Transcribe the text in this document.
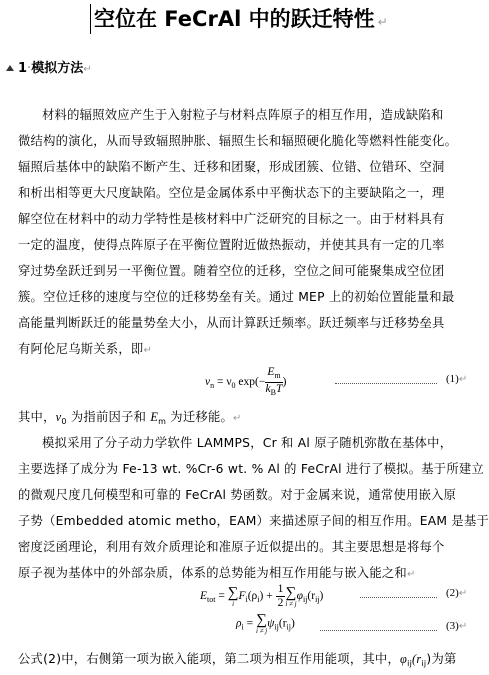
空位在 FeCrAl 中的跃迁特性 ↵
1·模拟方法↵
材料的辐照效应产生于入射粒子与材料点阵原子的相互作用，造成缺陷和
微结构的演化，从而导致辐照肿胀、辐照生长和辐照硬化脆化等燃料性能变化。
辐照后基体中的缺陷不断产生、迁移和团聚，形成团簇、位错、位错环、空洞
和析出相等更大尺度缺陷。空位是金属体系中平衡状态下的主要缺陷之一，理
解空位在材料中的动力学特性是核材料中广泛研究的目标之一。由于材料具有
一定的温度，使得点阵原子在平衡位置附近做热振动，并使其具有一定的几率
穿过势垒跃迁到另一平衡位置。随着空位的迁移，空位之间可能聚集成空位团
簇。空位迁移的速度与空位的迁移势垒有关。通过 MEP 上的初始位置能量和最
高能量判断跃迁的能量势垒大小，从而计算跃迁频率。跃迁频率与迁移势垒具
有阿伦尼乌斯关系，即↵
$\nu_n = \nu_0$ $\exp(- \frac{E_m}{k_BT}$ )	(1)↵
其中，$\nu_0$ 为指前因子和 $E_m$ 为迁移能。↵
模拟采用了分子动力学软件 LAMMPS，Cr 和 Al 原子随机弥散在基体中，
主要选择了成分为 Fe-13 wt. %Cr-6 wt. % Al 的 FeCrAl 进行了模拟。基于所建立
的微观尺度几何模型和可靠的 FeCrAl 势函数。对于金属来说，通常使用嵌入原
子势（Embedded atomic metho，EAM）来描述原子间的相互作用。EAM 是基于
密度泛函理论，利用有效介质理论和准原子近似提出的。其主要思想是将每个
原子视为基体中的外部杂质，体系的总势能为相互作用能与嵌入能之和↵
$E_{tot}$ = ∑
i
$F_i(\rho_i) + \frac{1}{2}$ ∑
i ≠ j
$\varphi_{ij}(r_{ij})$	(2)↵
$\rho_i$ = ∑
i ≠ j
$\psi_{ij}(r_{ij})$	(3)↵
公式(2)中，右侧第一项为嵌入能项，第二项为相互作用能项，其中，$\varphi_{ij}(r_{ij})$为第
